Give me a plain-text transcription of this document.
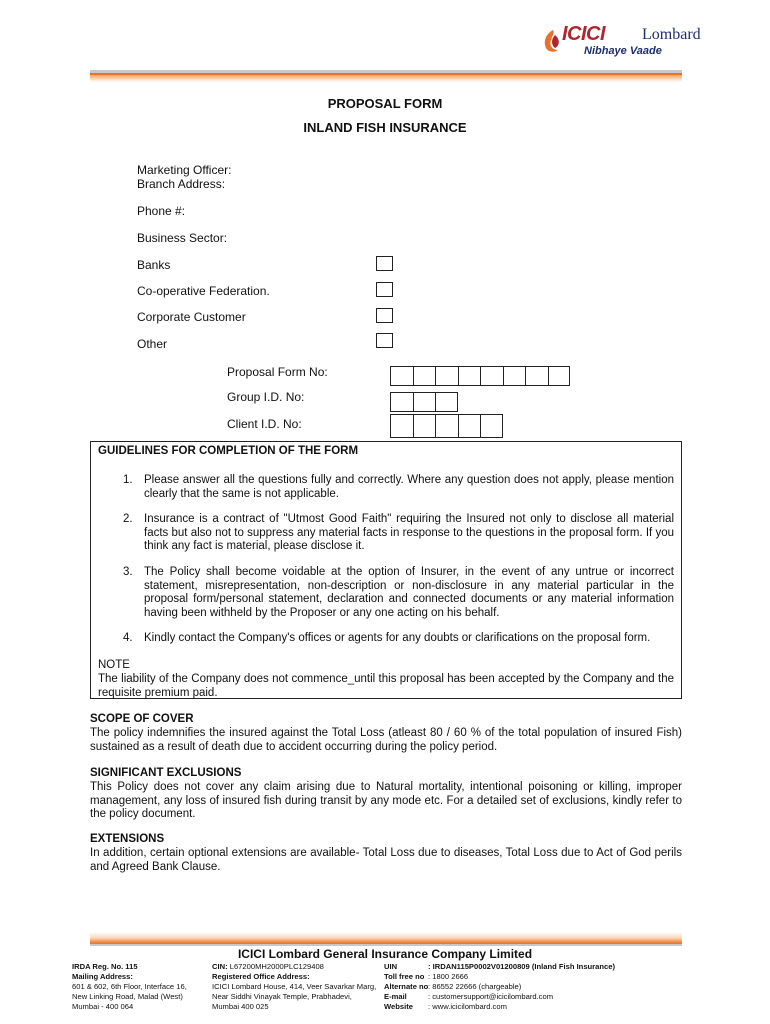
ICICI Lombard
Nibhaye Vaade
PROPOSAL FORM
INLAND FISH INSURANCE
Marketing Officer:
Branch Address:
Phone #:
Business Sector:
Banks
Co-operative Federation.
Corporate Customer
Other
Proposal Form No:
Group I.D. No:
Client I.D. No:
GUIDELINES FOR COMPLETION OF THE FORM
1. Please answer all the questions fully and correctly. Where any question does not apply, please mention clearly that the same is not applicable.
2. Insurance is a contract of "Utmost Good Faith" requiring the Insured not only to disclose all material facts but also not to suppress any material facts in response to the questions in the proposal form. If you think any fact is material, please disclose it.
3. The Policy shall become voidable at the option of Insurer, in the event of any untrue or incorrect statement, misrepresentation, non-description or non-disclosure in any material particular in the proposal form/personal statement, declaration and connected documents or any material information having been withheld by the Proposer or any one acting on his behalf.
4. Kindly contact the Company's offices or agents for any doubts or clarifications on the proposal form.
NOTE
The liability of the Company does not commence_until this proposal has been accepted by the Company and the requisite premium paid.
SCOPE OF COVER
The policy indemnifies the insured against the Total Loss (atleast 80 / 60 % of the total population of insured Fish) sustained as a result of death due to accident occurring during the policy period.
SIGNIFICANT EXCLUSIONS
This Policy does not cover any claim arising due to Natural mortality, intentional poisoning or killing, improper management, any loss of insured fish during transit by any mode etc. For a detailed set of exclusions, kindly refer to the policy document.
EXTENSIONS
In addition, certain optional extensions are available- Total Loss due to diseases, Total Loss due to Act of God perils and Agreed Bank Clause.
ICICI Lombard General Insurance Company Limited
IRDA Reg. No. 115
Mailing Address:
601 & 602, 6th Floor, Interface 16,
New Linking Road, Malad (West)
Mumbai - 400 064
CIN: L67200MH2000PLC129408
Registered Office Address:
ICICI Lombard House, 414, Veer Savarkar Marg,
Near Siddhi Vinayak Temple, Prabhadevi,
Mumbai 400 025
UIN
Toll free no
Alternate no
E-mail
Website
: IRDAN115P0002V01200809 (Inland Fish Insurance)
: 1800 2666
: 86552 22666 (chargeable)
: customersupport@icicilombard.com
: www.icicilombard.com
